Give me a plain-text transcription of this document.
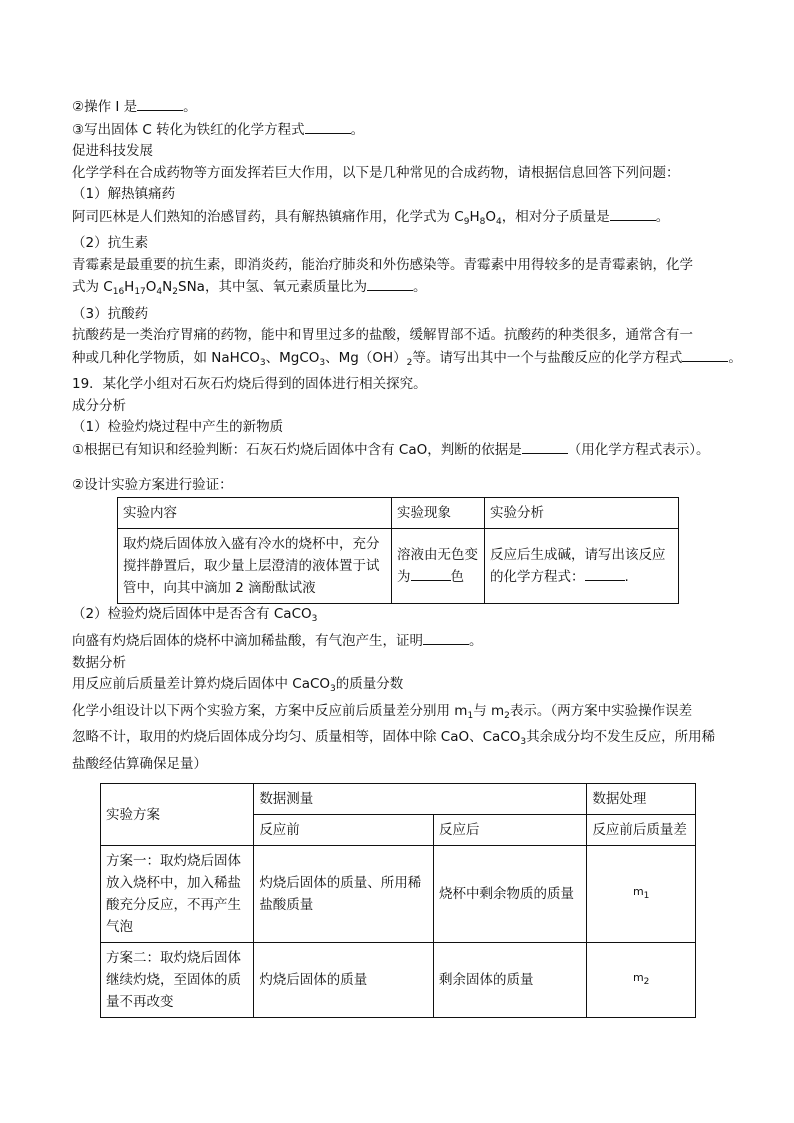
②操作 I 是	。
③写出固体 C 转化为铁红的化学方程式	。
促进科技发展
化学学科在合成药物等方面发挥若巨大作用，以下是几种常见的合成药物，请根据信息回答下列问题：
（1）解热镇痛药
阿司匹林是人们熟知的治感冒药，具有解热镇痛作用，化学式为 $C_9H_8O_4$，相对分子质量是	。
（2）抗生素
青霉素是最重要的抗生素，即消炎药，能治疗肺炎和外伤感染等。青霉素中用得较多的是青霉素钠，化学
式为 $C_{16}H_{17}O_4N_2SNa$，其中氢、氧元素质量比为	。
（3）抗酸药
抗酸药是一类治疗胃痛的药物，能中和胃里过多的盐酸，缓解胃部不适。抗酸药的种类很多，通常含有一
种或几种化学物质，如 NaHCO$_3$、MgCO$_3$、$Mg(OH)_2$等。请写出其中一个与盐酸反应的化学方程式	。
19．某化学小组对石灰石灼烧后得到的固体进行相关探究。
成分分析
（1）检验灼烧过程中产生的新物质
①根据已有知识和经验判断：石灰石灼烧后固体中含有 CaO，判断的依据是	（用化学方程式表示）。
②设计实验方案进行验证：
实验内容	实验现象	实验分析
取灼烧后固体放入盛有冷水的烧杯中，充分搅拌静置后，取少量上层澄清的液体置于试管中，向其中滴加 2 滴酚酞试液	溶液由无色变为 色	反应后生成碱，请写出该反应的化学方程式： .
（2）检验灼烧后固体中是否含有 CaCO$_3$
向盛有灼烧后固体的烧杯中滴加稀盐酸，有气泡产生，证明	。
数据分析
用反应前后质量差计算灼烧后固体中 CaCO$_3$的质量分数
化学小组设计以下两个实验方案，方案中反应前后质量差分别用 $m_1$与 $m_2$表示。（两方案中实验操作误差
忽略不计，取用的灼烧后固体成分均匀、质量相等，固体中除 CaO、CaCO$_3$其余成分均不发生反应，所用稀
盐酸经估算确保足量）
实验方案	数据测量		数据处理
	反应前	反应后	反应前后质量差
方案一：取灼烧后固体放入烧杯中，加入稀盐酸充分反应，不再产生气泡	灼烧后固体的质量、所用稀盐酸质量	烧杯中剩余物质的质量	$m_1$
方案二：取灼烧后固体继续灼烧，至固体的质量不再改变	灼烧后固体的质量	剩余固体的质量	$m_2$
